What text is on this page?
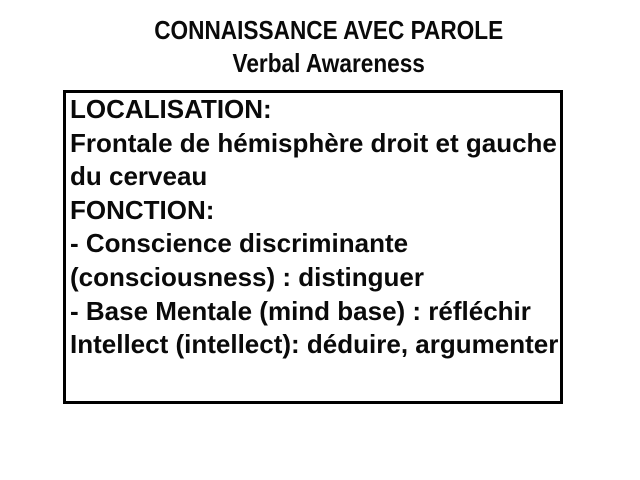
CONNAISSANCE AVEC PAROLE
Verbal Awareness
LOCALISATION:
Frontale de hémisphère droit et gauche
du cerveau
FONCTION:
- Conscience discriminante
(consciousness) : distinguer
- Base Mentale (mind base) : réfléchir
Intellect (intellect): déduire, argumenter
